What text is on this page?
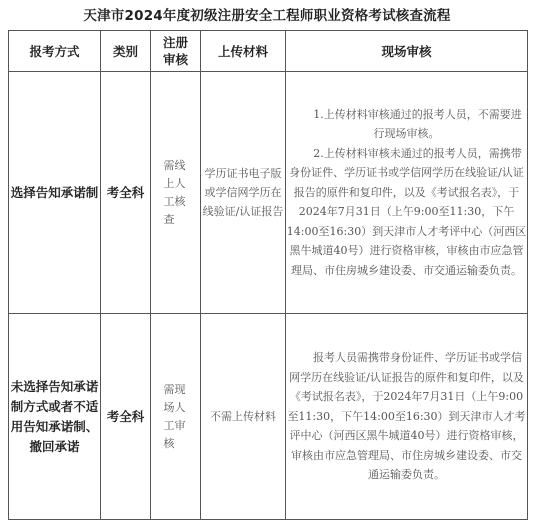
天津市2024年度初级注册安全工程师职业资格考试核查流程
报考方式	类别	注册审核	上传材料	现场审核
选择告知承诺制	考全科	需线上人工核查	学历证书电子版或学信网学历在线验证/认证报告	1.上传材料审核通过的报考人员，不需要进行现场审核。

2.上传材料审核未通过的报考人员，需携带身份证件、学历证书或学信网学历在线验证/认证报告的原件和复印件，以及《考试报名表》，于2024年7月31日（上午9:00至11:30，下午14:00至16:30）到天津市人才考评中心（河西区黑牛城道40号）进行资格审核，审核由市应急管理局、市住房城乡建设委、市交通运输委负责。

未选择告知承诺制方式或者不适用告知承诺制、撤回承诺	考全科	需现场人工审核	不需上传材料	报考人员需携带身份证件、学历证书或学信网学历在线验证/认证报告的原件和复印件，以及《考试报名表》，于2024年7月31日（上午9:00至11:30，下午14:00至16:30）到天津市人才考评中心（河西区黑牛城道40号）进行资格审核，审核由市应急管理局、市住房城乡建设委、市交通运输委负责。
